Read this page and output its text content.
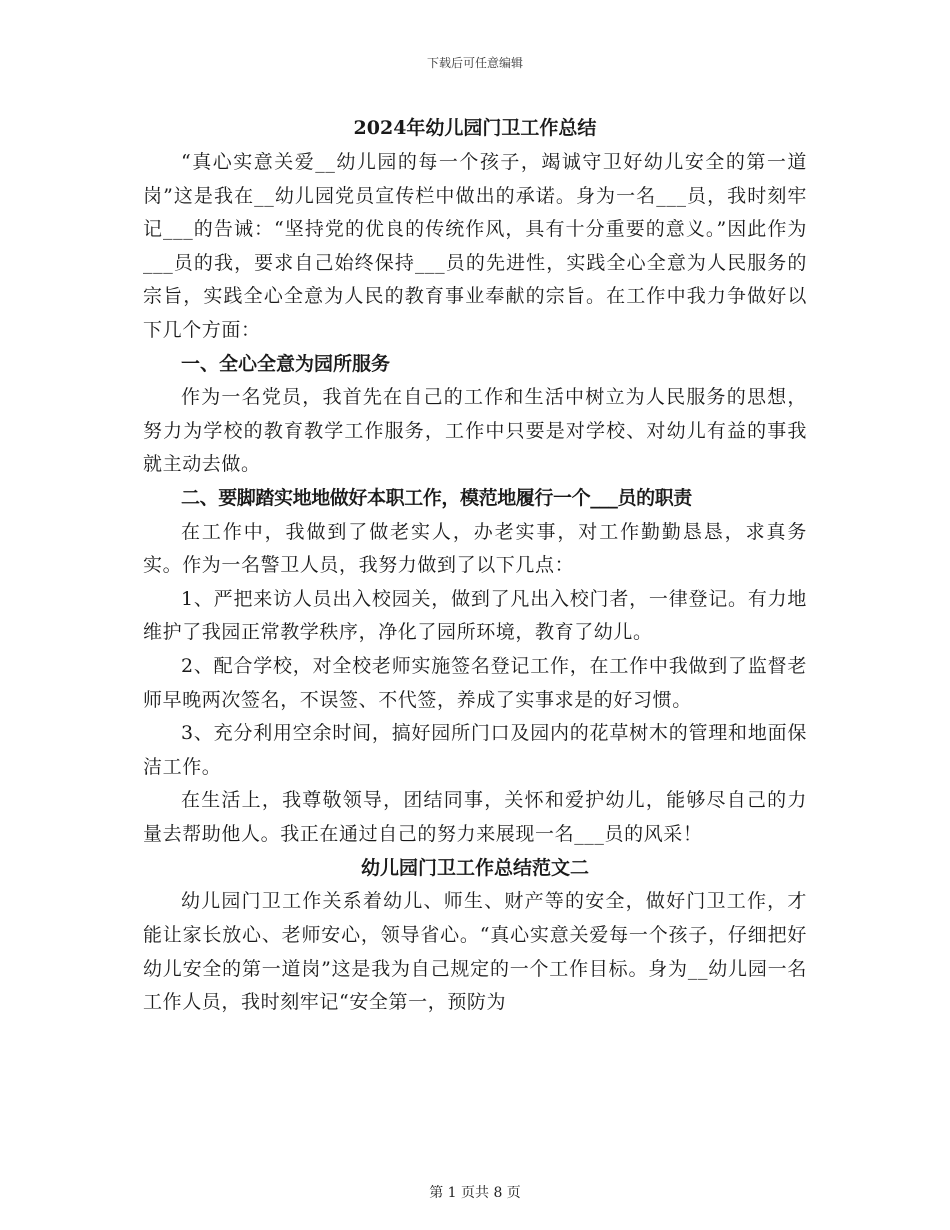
下载后可任意编辑
2024年幼儿园门卫工作总结

“真心实意关爱__幼儿园的每一个孩子，竭诚守卫好幼儿安全的第一道岗”这是我在__幼儿园党员宣传栏中做出的承诺。身为一名___员，我时刻牢记___的告诫：“坚持党的优良的传统作风，具有十分重要的意义。”因此作为___员的我，要求自己始终保持___员的先进性，实践全心全意为人民服务的宗旨，实践全心全意为人民的教育事业奉献的宗旨。在工作中我力争做好以下几个方面：

一、全心全意为园所服务

作为一名党员，我首先在自己的工作和生活中树立为人民服务的思想，努力为学校的教育教学工作服务，工作中只要是对学校、对幼儿有益的事我就主动去做。

二、要脚踏实地地做好本职工作，模范地履行一个___员的职责

在工作中，我做到了做老实人，办老实事，对工作勤勤恳恳，求真务实。作为一名警卫人员，我努力做到了以下几点：

1、严把来访人员出入校园关，做到了凡出入校门者，一律登记。有力地维护了我园正常教学秩序，净化了园所环境，教育了幼儿。

2、配合学校，对全校老师实施签名登记工作，在工作中我做到了监督老师早晚两次签名，不误签、不代签，养成了实事求是的好习惯。

3、充分利用空余时间，搞好园所门口及园内的花草树木的管理和地面保洁工作。

在生活上，我尊敬领导，团结同事，关怀和爱护幼儿，能够尽自己的力量去帮助他人。我正在通过自己的努力来展现一名___员的风采！

幼儿园门卫工作总结范文二

幼儿园门卫工作关系着幼儿、师生、财产等的安全，做好门卫工作，才能让家长放心、老师安心，领导省心。“真心实意关爱每一个孩子，仔细把好幼儿安全的第一道岗”这是我为自己规定的一个工作目标。身为__幼儿园一名工作人员，我时刻牢记“安全第一，预防为

第 1 页共 8 页
